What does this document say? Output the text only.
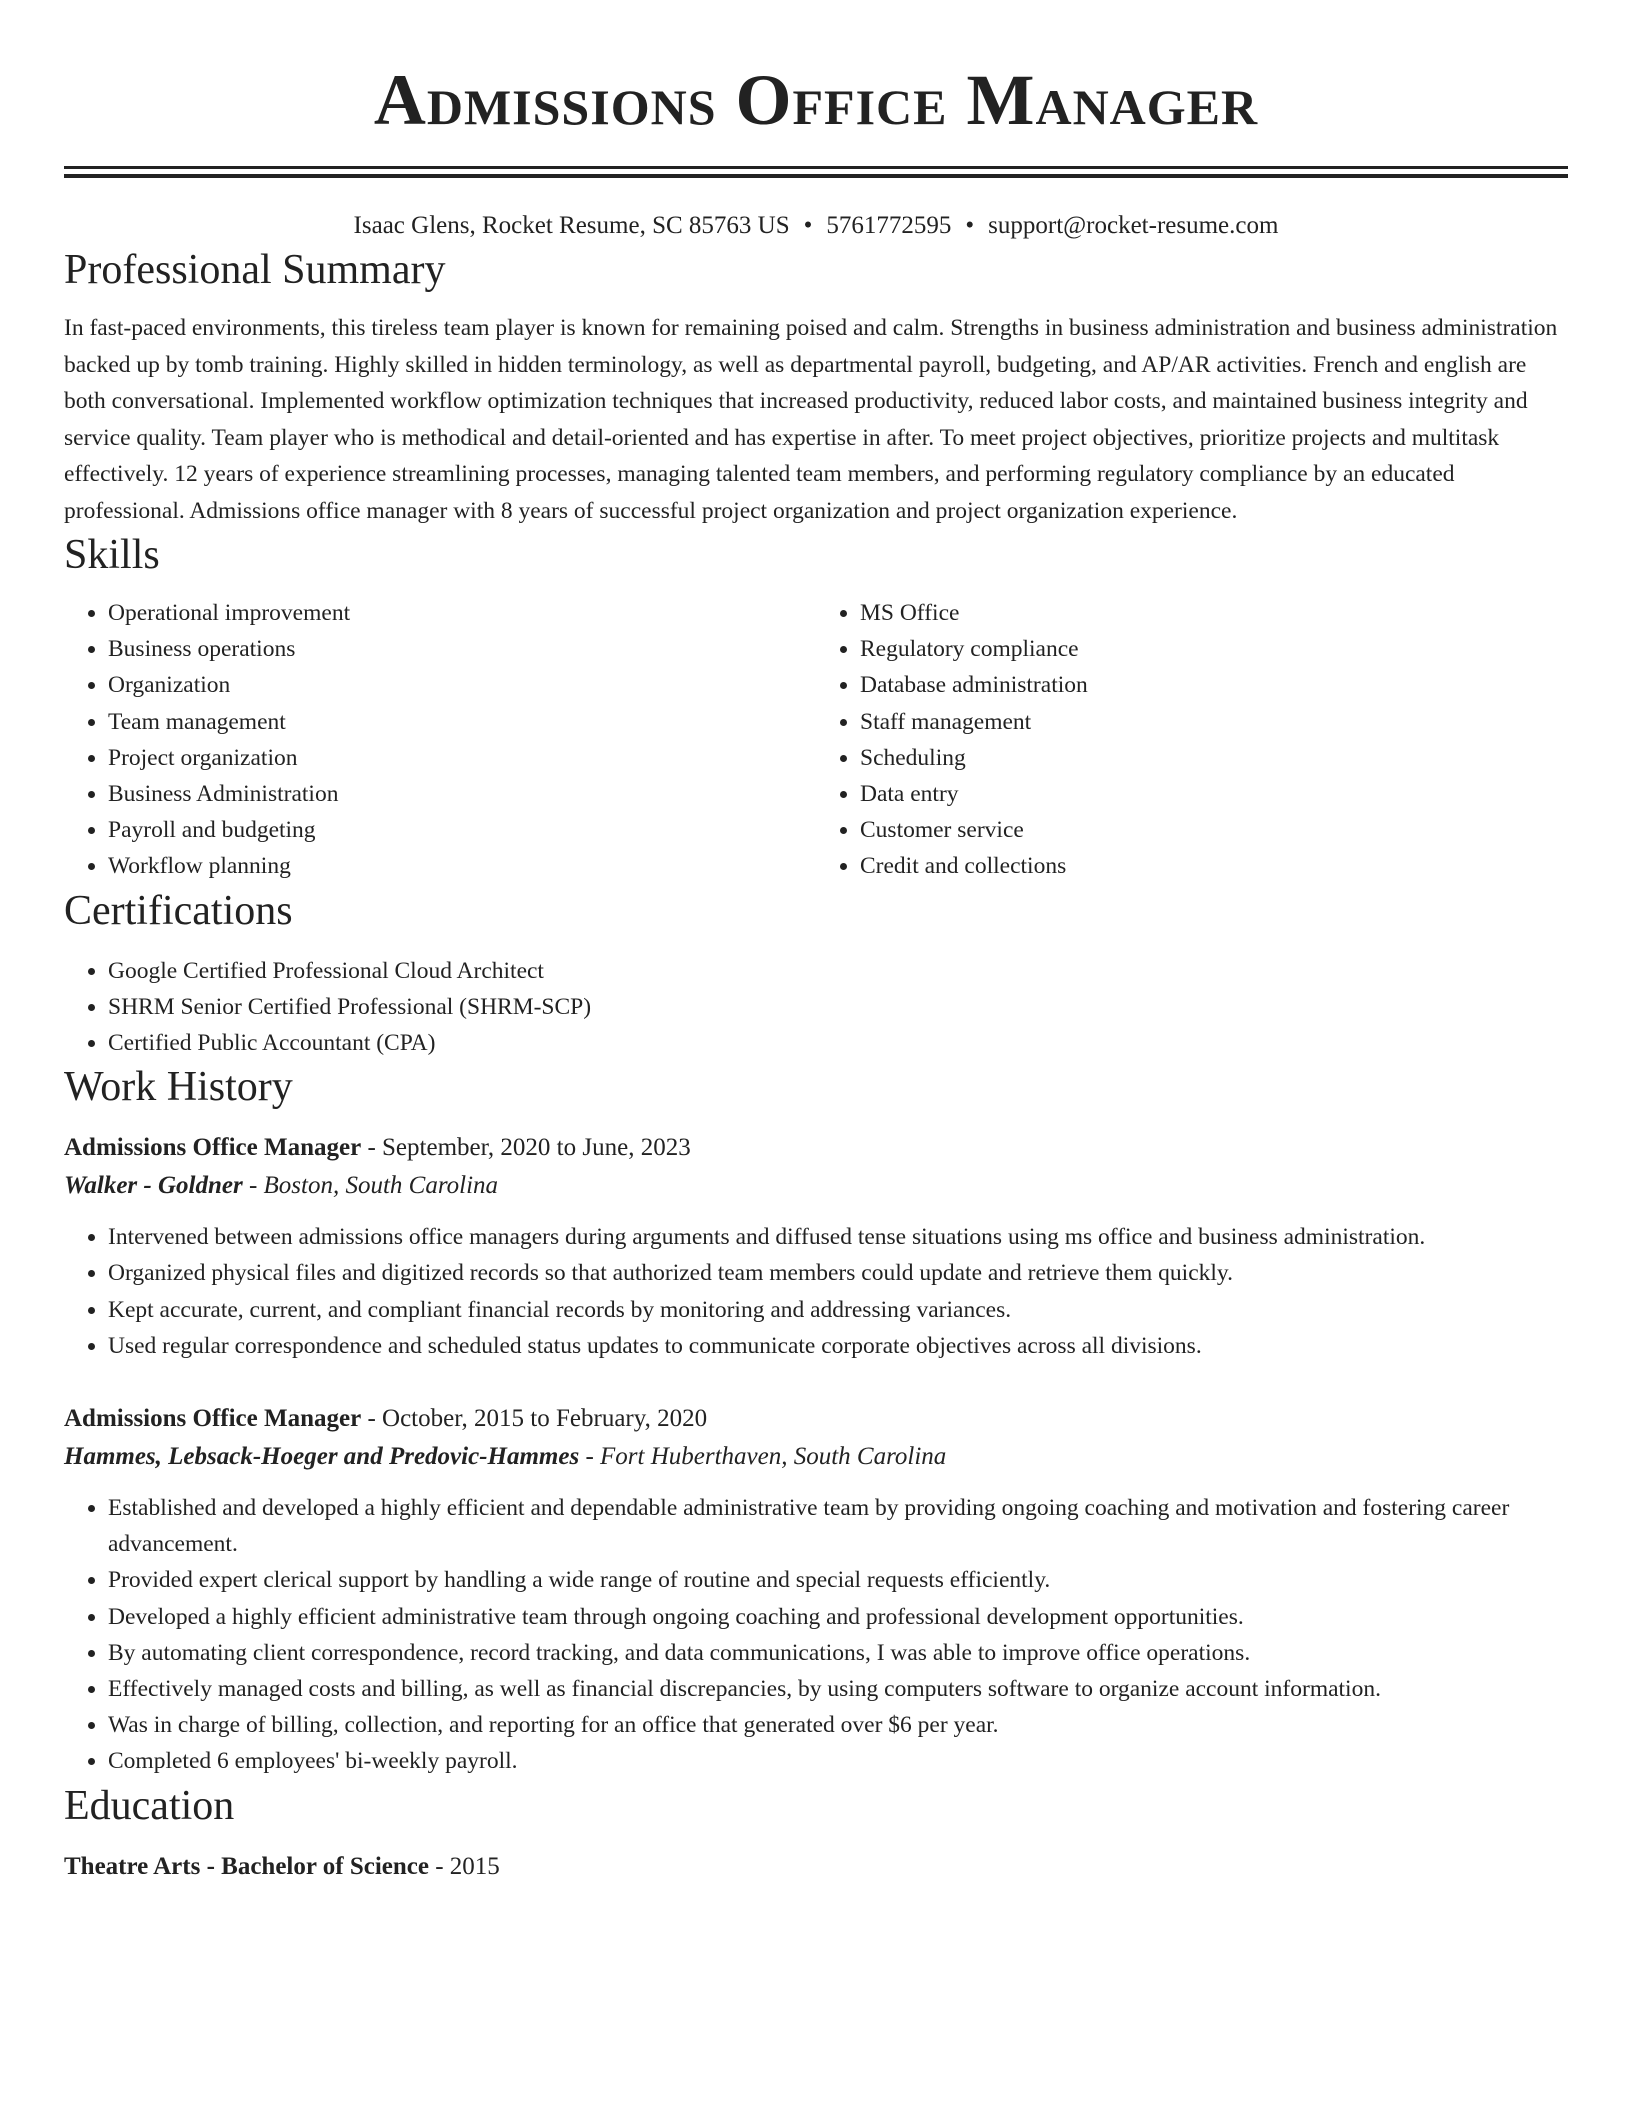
Admissions Office Manager
Isaac Glens, Rocket Resume, SC 85763 US • 5761772595 • support@rocket-resume.com
Professional Summary

In fast-paced environments, this tireless team player is known for remaining poised and calm. Strengths in business administration and business administration backed up by tomb training. Highly skilled in hidden terminology, as well as departmental payroll, budgeting, and AP/AR activities. French and english are both conversational. Implemented workflow optimization techniques that increased productivity, reduced labor costs, and maintained business integrity and service quality. Team player who is methodical and detail-oriented and has expertise in after. To meet project objectives, prioritize projects and multitask effectively. 12 years of experience streamlining processes, managing talented team members, and performing regulatory compliance by an educated professional. Admissions office manager with 8 years of successful project organization and project organization experience.

Skills
• Operational improvement
• Business operations
• Organization
• Team management
• Project organization
• Business Administration
• Payroll and budgeting
• Workflow planning
• MS Office
• Regulatory compliance
• Database administration
• Staff management
• Scheduling
• Data entry
• Customer service
• Credit and collections
Certifications
• Google Certified Professional Cloud Architect
• SHRM Senior Certified Professional (SHRM-SCP)
• Certified Public Accountant (CPA)
Work History
Admissions Office Manager - September, 2020 to June, 2023
Walker - Goldner - Boston, South Carolina
• Intervened between admissions office managers during arguments and diffused tense situations using ms office and business administration.
• Organized physical files and digitized records so that authorized team members could update and retrieve them quickly.
• Kept accurate, current, and compliant financial records by monitoring and addressing variances.
• Used regular correspondence and scheduled status updates to communicate corporate objectives across all divisions.
Admissions Office Manager - October, 2015 to February, 2020
Hammes, Lebsack-Hoeger and Predovic-Hammes - Fort Huberthaven, South Carolina
• Established and developed a highly efficient and dependable administrative team by providing ongoing coaching and motivation and fostering career advancement.
• Provided expert clerical support by handling a wide range of routine and special requests efficiently.
• Developed a highly efficient administrative team through ongoing coaching and professional development opportunities.
• By automating client correspondence, record tracking, and data communications, I was able to improve office operations.
• Effectively managed costs and billing, as well as financial discrepancies, by using computers software to organize account information.
• Was in charge of billing, collection, and reporting for an office that generated over $6 per year.
• Completed 6 employees' bi-weekly payroll.
Education
Theatre Arts - Bachelor of Science - 2015
